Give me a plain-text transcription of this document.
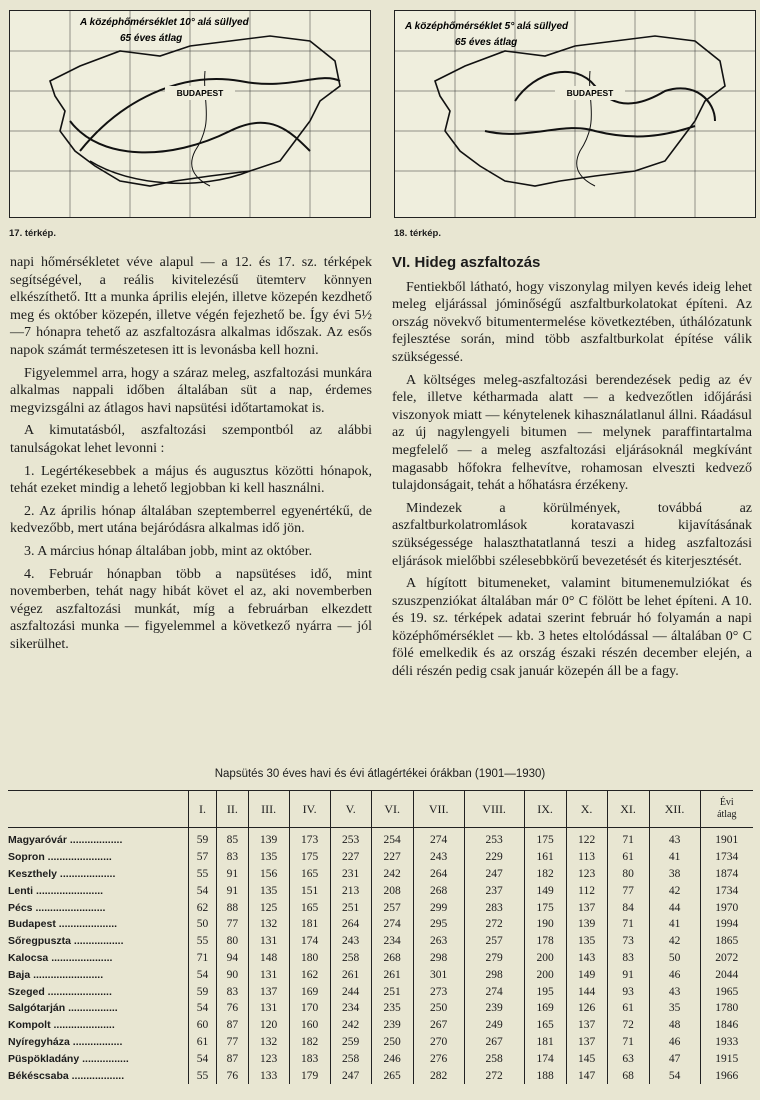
BUDAPEST
A középhőmérséklet 10° alá süllyed
65 éves átlag
17. térkép.
BUDAPEST
A középhőmérséklet 5° alá süllyed
65 éves átlag
18. térkép.

napi hőmérsékletet véve alapul — a 12. és 17. sz. térképek segítségével, a reális kivitelezésű ütemterv könnyen elkészíthető. Itt a munka április elején, illetve közepén kezdhető meg és október közepén, illetve végén fejezhető be. Így évi 5½—7 hónapra tehető az aszfaltozásra alkalmas időszak. Az esős napok számát természetesen itt is levonásba kell hozni.

Figyelemmel arra, hogy a száraz meleg, aszfaltozási munkára alkalmas nappali időben általában süt a nap, érdemes megvizsgálni az átlagos havi napsütési időtartamokat is.

A kimutatásból, aszfaltozási szempontból az alábbi tanulságokat lehet levonni :

1. Legértékesebbek a május és augusztus közötti hónapok, tehát ezeket mindig a lehető legjobban ki kell használni.

2. Az április hónap általában szeptemberrel egyenértékű, de kedvezőbb, mert utána bejáródásra alkalmas idő jön.

3. A március hónap általában jobb, mint az október.

4. Február hónapban több a napsütéses idő, mint novemberben, tehát nagy hibát követ el az, aki novemberben végez aszfaltozási munkát, míg a februárban elkezdett aszfaltozási munka — figyelemmel a következő nyárra — jól sikerülhet.

VI. Hideg aszfaltozás

Fentiekből látható, hogy viszonylag milyen kevés ideig lehet meleg eljárással jóminőségű aszfaltburkolatokat építeni. Az ország növekvő bitumentermelése következtében, úthálózatunk fejlesztése során, mind több aszfaltburkolat építése válik szükségessé.

A költséges meleg-aszfaltozási berendezések pedig az év fele, illetve kétharmada alatt — a kedvezőtlen időjárási viszonyok miatt — kénytelenek kihasználatlanul állni. Ráadásul az új nagylengyeli bitumen — melynek paraffintartalma megfelelő — a meleg aszfaltozási eljárásoknál megkívánt magasabb hőfokra felhevítve, rohamosan elveszti kedvező tulajdonságait, tehát a hőhatásra érzékeny.

Mindezek a körülmények, továbbá az aszfaltburkolatromlások koratavaszi kijavításának szükségessége halaszthatatlanná teszi a hideg aszfaltozási eljárások mielőbbi szélesebbkörű bevezetését és kiterjesztését.

A hígított bitumeneket, valamint bitumenemulziókat és szuszpenziókat általában már 0° C fölött be lehet építeni. A 10. és 19. sz. térképek adatai szerint február hó folyamán a napi középhőmérséklet — kb. 3 hetes eltolódással — általában 0° C fölé emelkedik és az ország északi részén december elején, a déli részén pedig csak január közepén áll be a fagy.

Napsütés 30 éves havi és évi átlagértékei órákban (1901—1930)
	I.	II.	III.	IV.	V.	VI.	VII.	VIII.	IX.	X.	XI.	XII.	Évi
átlag
Magyaróvár ..................	59	85	139	173	253	254	274	253	175	122	71	43	1901
Sopron ......................	57	83	135	175	227	227	243	229	161	113	61	41	1734
Keszthely ...................	55	91	156	165	231	242	264	247	182	123	80	38	1874
Lenti .......................	54	91	135	151	213	208	268	237	149	112	77	42	1734
Pécs ........................	62	88	125	165	251	257	299	283	175	137	84	44	1970
Budapest ....................	50	77	132	181	264	274	295	272	190	139	71	41	1994
Sőregpuszta .................	55	80	131	174	243	234	263	257	178	135	73	42	1865
Kalocsa .....................	71	94	148	180	258	268	298	279	200	143	83	50	2072
Baja ........................	54	90	131	162	261	261	301	298	200	149	91	46	2044
Szeged ......................	59	83	137	169	244	251	273	274	195	144	93	43	1965
Salgótarján .................	54	76	131	170	234	235	250	239	169	126	61	35	1780
Kompolt .....................	60	87	120	160	242	239	267	249	165	137	72	48	1846
Nyíregyháza .................	61	77	132	182	259	250	270	267	181	137	71	46	1933
Püspökladány ................	54	87	123	183	258	246	276	258	174	145	63	47	1915
Békéscsaba ..................	55	76	133	179	247	265	282	272	188	147	68	54	1966
